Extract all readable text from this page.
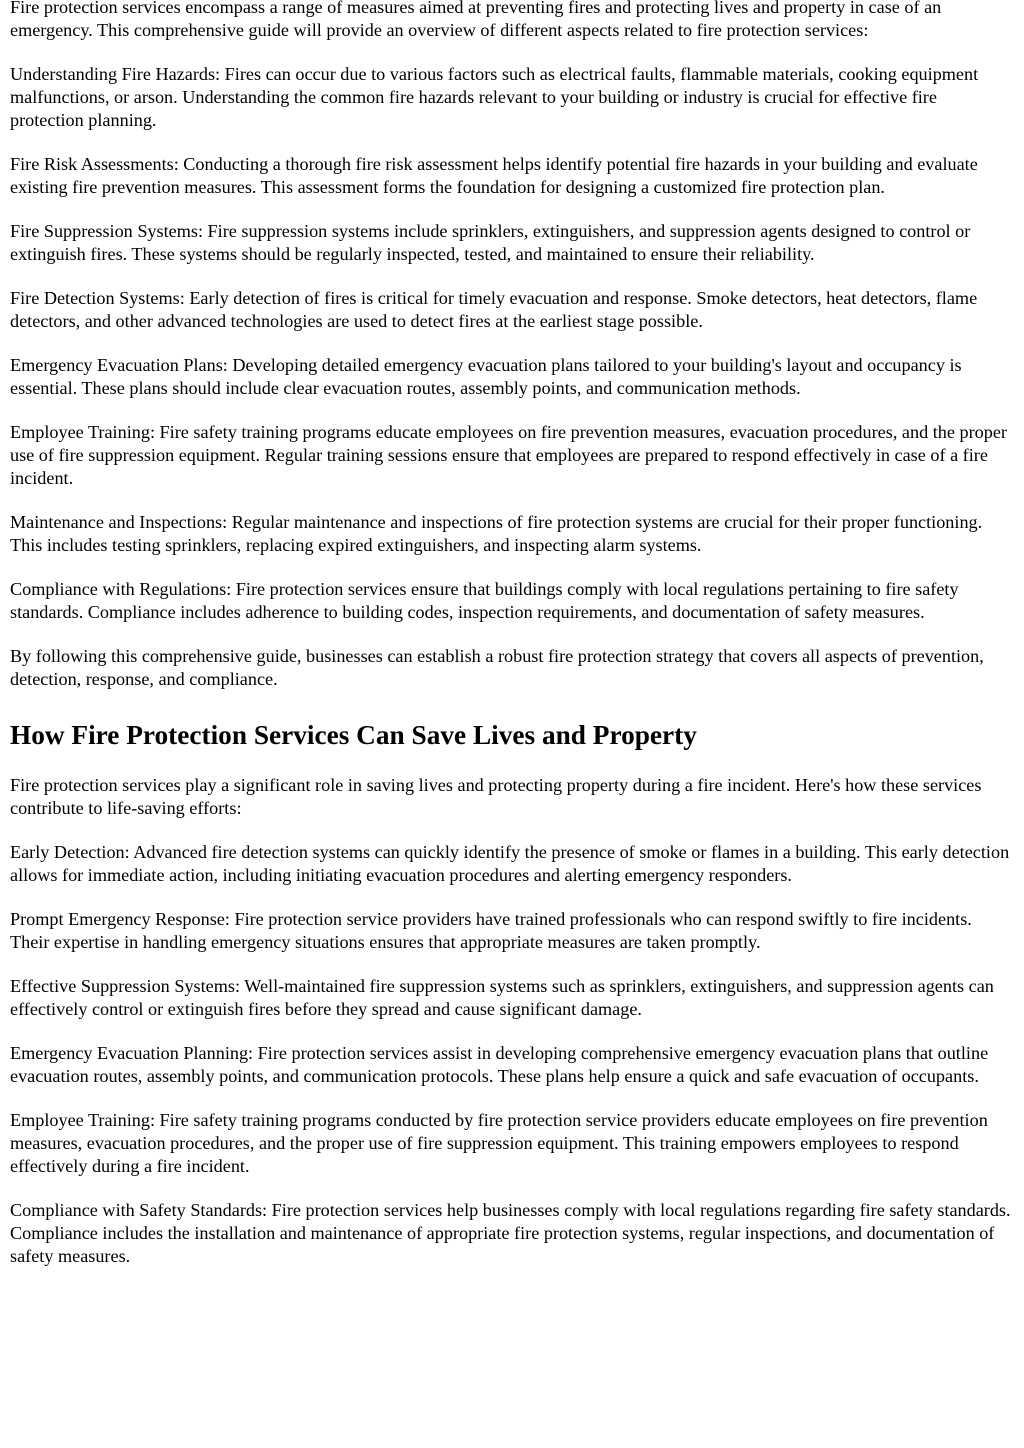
Fire protection services encompass a range of measures aimed at preventing fires and protecting lives and property in case of an emergency. This comprehensive guide will provide an overview of different aspects related to fire protection services:

Understanding Fire Hazards: Fires can occur due to various factors such as electrical faults, flammable materials, cooking equipment malfunctions, or arson. Understanding the common fire hazards relevant to your building or industry is crucial for effective fire protection planning.

Fire Risk Assessments: Conducting a thorough fire risk assessment helps identify potential fire hazards in your building and evaluate existing fire prevention measures. This assessment forms the foundation for designing a customized fire protection plan.

Fire Suppression Systems: Fire suppression systems include sprinklers, extinguishers, and suppression agents designed to control or extinguish fires. These systems should be regularly inspected, tested, and maintained to ensure their reliability.

Fire Detection Systems: Early detection of fires is critical for timely evacuation and response. Smoke detectors, heat detectors, flame detectors, and other advanced technologies are used to detect fires at the earliest stage possible.

Emergency Evacuation Plans: Developing detailed emergency evacuation plans tailored to your building's layout and occupancy is essential. These plans should include clear evacuation routes, assembly points, and communication methods.

Employee Training: Fire safety training programs educate employees on fire prevention measures, evacuation procedures, and the proper use of fire suppression equipment. Regular training sessions ensure that employees are prepared to respond effectively in case of a fire incident.

Maintenance and Inspections: Regular maintenance and inspections of fire protection systems are crucial for their proper functioning. This includes testing sprinklers, replacing expired extinguishers, and inspecting alarm systems.

Compliance with Regulations: Fire protection services ensure that buildings comply with local regulations pertaining to fire safety standards. Compliance includes adherence to building codes, inspection requirements, and documentation of safety measures.

By following this comprehensive guide, businesses can establish a robust fire protection strategy that covers all aspects of prevention, detection, response, and compliance.

How Fire Protection Services Can Save Lives and Property

Fire protection services play a significant role in saving lives and protecting property during a fire incident. Here's how these services contribute to life-saving efforts:

Early Detection: Advanced fire detection systems can quickly identify the presence of smoke or flames in a building. This early detection allows for immediate action, including initiating evacuation procedures and alerting emergency responders.

Prompt Emergency Response: Fire protection service providers have trained professionals who can respond swiftly to fire incidents. Their expertise in handling emergency situations ensures that appropriate measures are taken promptly.

Effective Suppression Systems: Well-maintained fire suppression systems such as sprinklers, extinguishers, and suppression agents can effectively control or extinguish fires before they spread and cause significant damage.

Emergency Evacuation Planning: Fire protection services assist in developing comprehensive emergency evacuation plans that outline evacuation routes, assembly points, and communication protocols. These plans help ensure a quick and safe evacuation of occupants.

Employee Training: Fire safety training programs conducted by fire protection service providers educate employees on fire prevention measures, evacuation procedures, and the proper use of fire suppression equipment. This training empowers employees to respond effectively during a fire incident.

Compliance with Safety Standards: Fire protection services help businesses comply with local regulations regarding fire safety standards. Compliance includes the installation and maintenance of appropriate fire protection systems, regular inspections, and documentation of safety measures.
